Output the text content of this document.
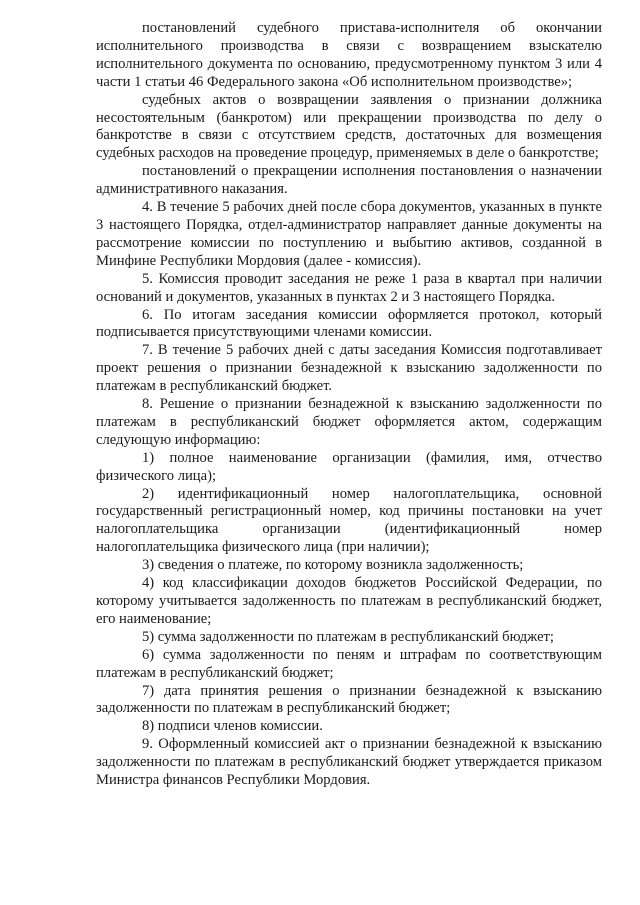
постановлений судебного пристава-исполнителя об окончании исполнительного производства в связи с возвращением взыскателю исполнительного документа по основанию, предусмотренному пунктом 3 или 4 части 1 статьи 46 Федерального закона «Об исполнительном производстве»;

судебных актов о возвращении заявления о признании должника несостоятельным (банкротом) или прекращении производства по делу о банкротстве в связи с отсутствием средств, достаточных для возмещения судебных расходов на проведение процедур, применяемых в деле о банкротстве;

постановлений о прекращении исполнения постановления о назначении административного наказания.

4. В течение 5 рабочих дней после сбора документов, указанных в пункте 3 настоящего Порядка, отдел-администратор направляет данные документы на рассмотрение комиссии по поступлению и выбытию активов, созданной в Минфине Республики Мордовия (далее - комиссия).

5. Комиссия проводит заседания не реже 1 раза в квартал при наличии оснований и документов, указанных в пунктах 2 и 3 настоящего Порядка.

6. По итогам заседания комиссии оформляется протокол, который подписывается присутствующими членами комиссии.

7. В течение 5 рабочих дней с даты заседания Комиссия подготавливает проект решения о признании безнадежной к взысканию задолженности по платежам в республиканский бюджет.

8. Решение о признании безнадежной к взысканию задолженности по платежам в республиканский бюджет оформляется актом, содержащим следующую информацию:

1) полное наименование организации (фамилия, имя, отчество физического лица);

2) идентификационный номер налогоплательщика, основной государственный регистрационный номер, код причины постановки на учет налогоплательщика организации (идентификационный номер налогоплательщика физического лица (при наличии);

3) сведения о платеже, по которому возникла задолженность;

4) код классификации доходов бюджетов Российской Федерации, по которому учитывается задолженность по платежам в республиканский бюджет, его наименование;

5) сумма задолженности по платежам в республиканский бюджет;

6) сумма задолженности по пеням и штрафам по соответствующим платежам в республиканский бюджет;

7) дата принятия решения о признании безнадежной к взысканию задолженности по платежам в республиканский бюджет;

8) подписи членов комиссии.

9. Оформленный комиссией акт о признании безнадежной к взысканию задолженности по платежам в республиканский бюджет утверждается приказом Министра финансов Республики Мордовия.
